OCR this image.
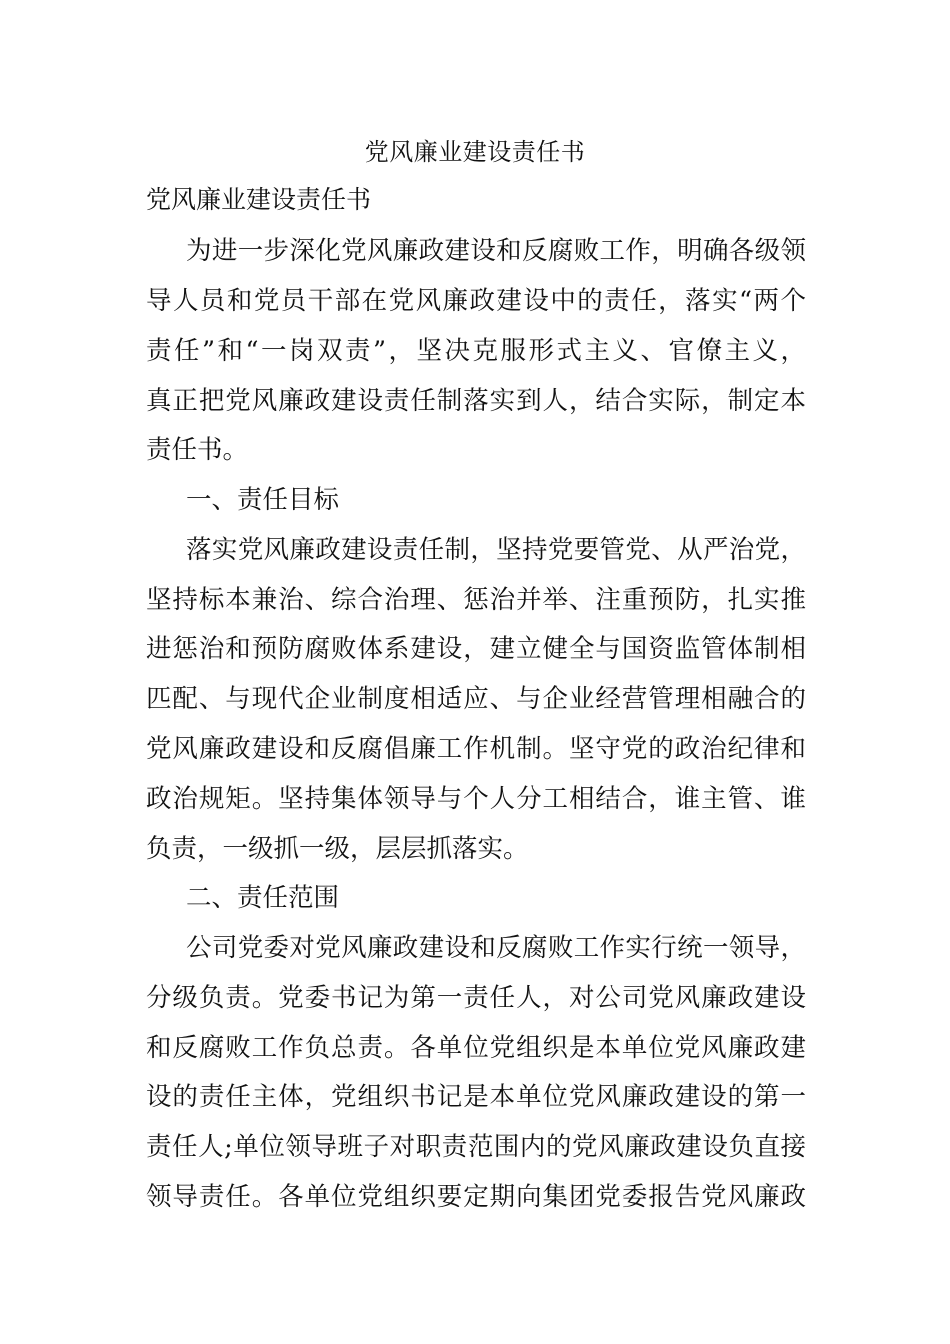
党风廉业建设责任书
党风廉业建设责任书
为进一步深化党风廉政建设和反腐败工作，明确各级领
导人员和党员干部在党风廉政建设中的责任，落实“两个
责任”和“一岗双责”，坚决克服形式主义、官僚主义，
真正把党风廉政建设责任制落实到人，结合实际，制定本
责任书。
一、责任目标
落实党风廉政建设责任制，坚持党要管党、从严治党，
坚持标本兼治、综合治理、惩治并举、注重预防，扎实推
进惩治和预防腐败体系建设，建立健全与国资监管体制相
匹配、与现代企业制度相适应、与企业经营管理相融合的
党风廉政建设和反腐倡廉工作机制。坚守党的政治纪律和
政治规矩。坚持集体领导与个人分工相结合，谁主管、谁
负责，一级抓一级，层层抓落实。
二、责任范围
公司党委对党风廉政建设和反腐败工作实行统一领导，
分级负责。党委书记为第一责任人，对公司党风廉政建设
和反腐败工作负总责。各单位党组织是本单位党风廉政建
设的责任主体，党组织书记是本单位党风廉政建设的第一
责任人;单位领导班子对职责范围内的党风廉政建设负直接
领导责任。各单位党组织要定期向集团党委报告党风廉政
